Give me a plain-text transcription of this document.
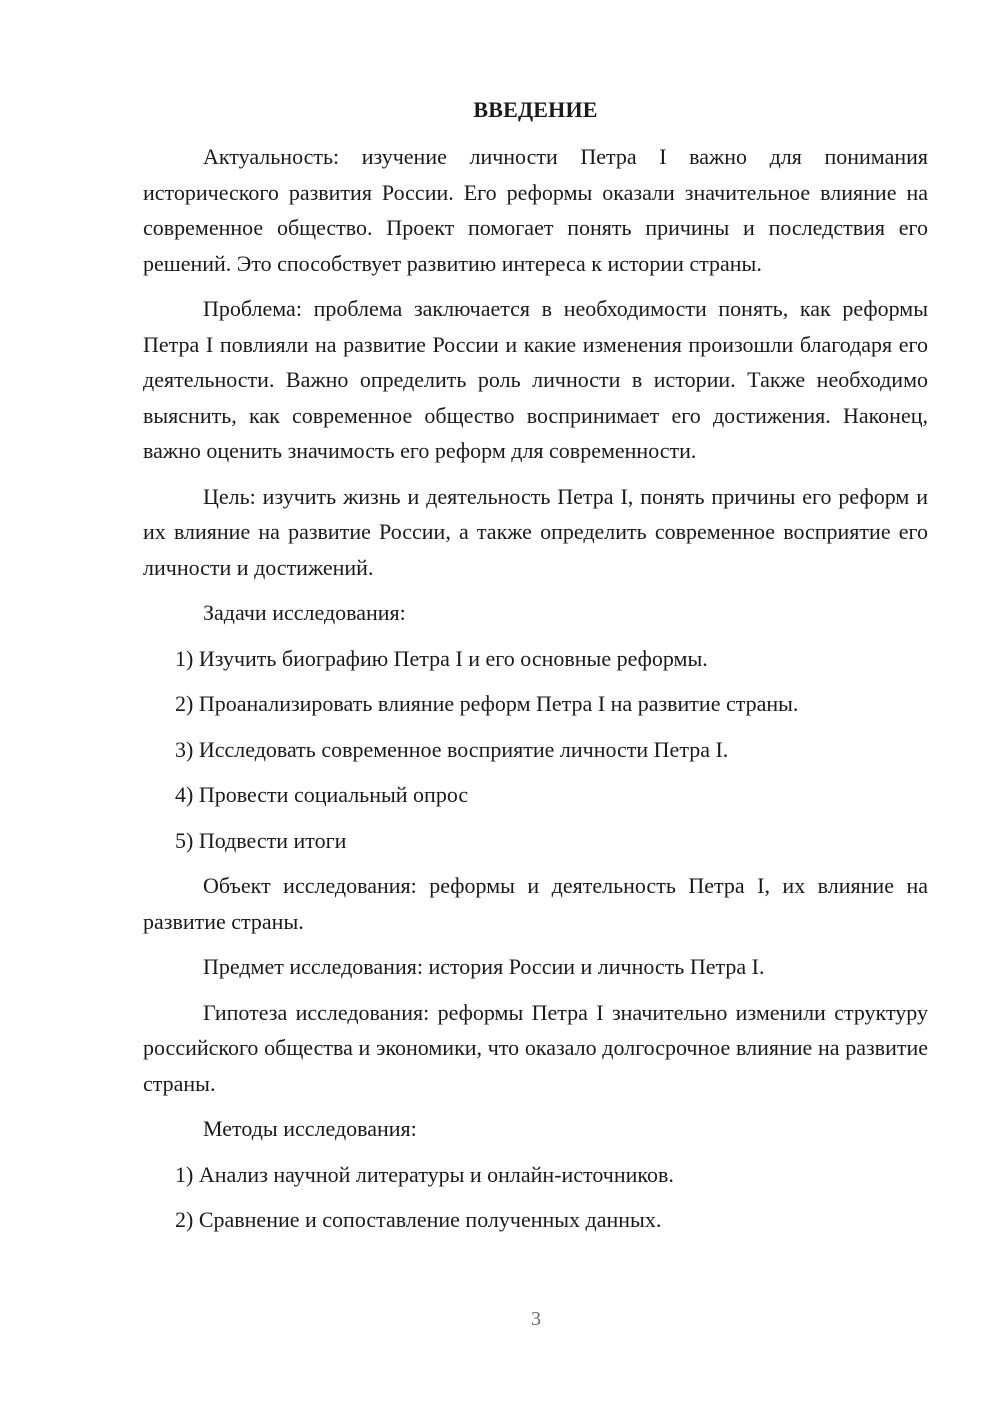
ВВЕДЕНИЕ

Актуальность: изучение личности Петра I важно для понимания исторического развития России. Его реформы оказали значительное влияние на современное общество. Проект помогает понять причины и последствия его решений. Это способствует развитию интереса к истории страны.

Проблема: проблема заключается в необходимости понять, как реформы Петра I повлияли на развитие России и какие изменения произошли благодаря его деятельности. Важно определить роль личности в истории. Также необходимо выяснить, как современное общество воспринимает его достижения. Наконец, важно оценить значимость его реформ для современности.

Цель: изучить жизнь и деятельность Петра I, понять причины его реформ и их влияние на развитие России, а также определить современное восприятие его личности и достижений.

Задачи исследования:
1) Изучить биографию Петра I и его основные реформы.
2) Проанализировать влияние реформ Петра I на развитие страны.
3) Исследовать современное восприятие личности Петра I.
4) Провести социальный опрос
5) Подвести итоги

Объект исследования: реформы и деятельность Петра I, их влияние на развитие страны.

Предмет исследования: история России и личность Петра I.

Гипотеза исследования: реформы Петра I значительно изменили структуру российского общества и экономики, что оказало долгосрочное влияние на развитие страны.

Методы исследования:
1) Анализ научной литературы и онлайн-источников.
2) Сравнение и сопоставление полученных данных.
3
